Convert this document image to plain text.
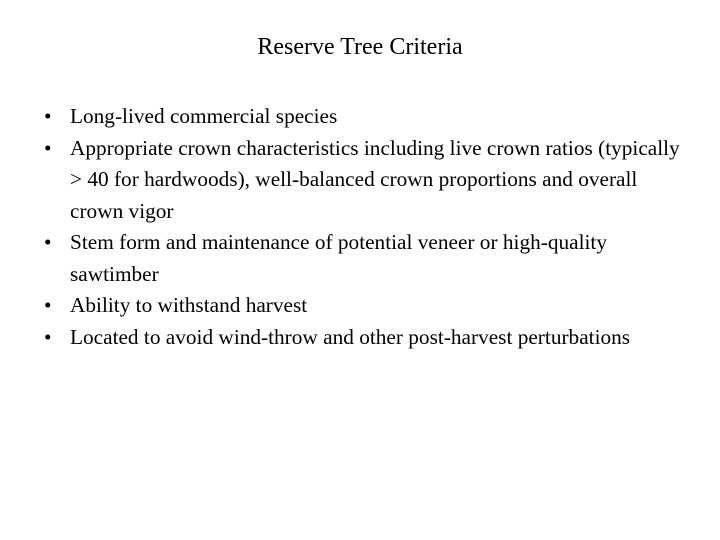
Reserve Tree Criteria
• Long-lived commercial species
• Appropriate crown characteristics including live crown ratios (typically > 40 for hardwoods), well-balanced crown proportions and overall crown vigor
• Stem form and maintenance of potential veneer or high-quality sawtimber
• Ability to withstand harvest
• Located to avoid wind-throw and other post-harvest perturbations
